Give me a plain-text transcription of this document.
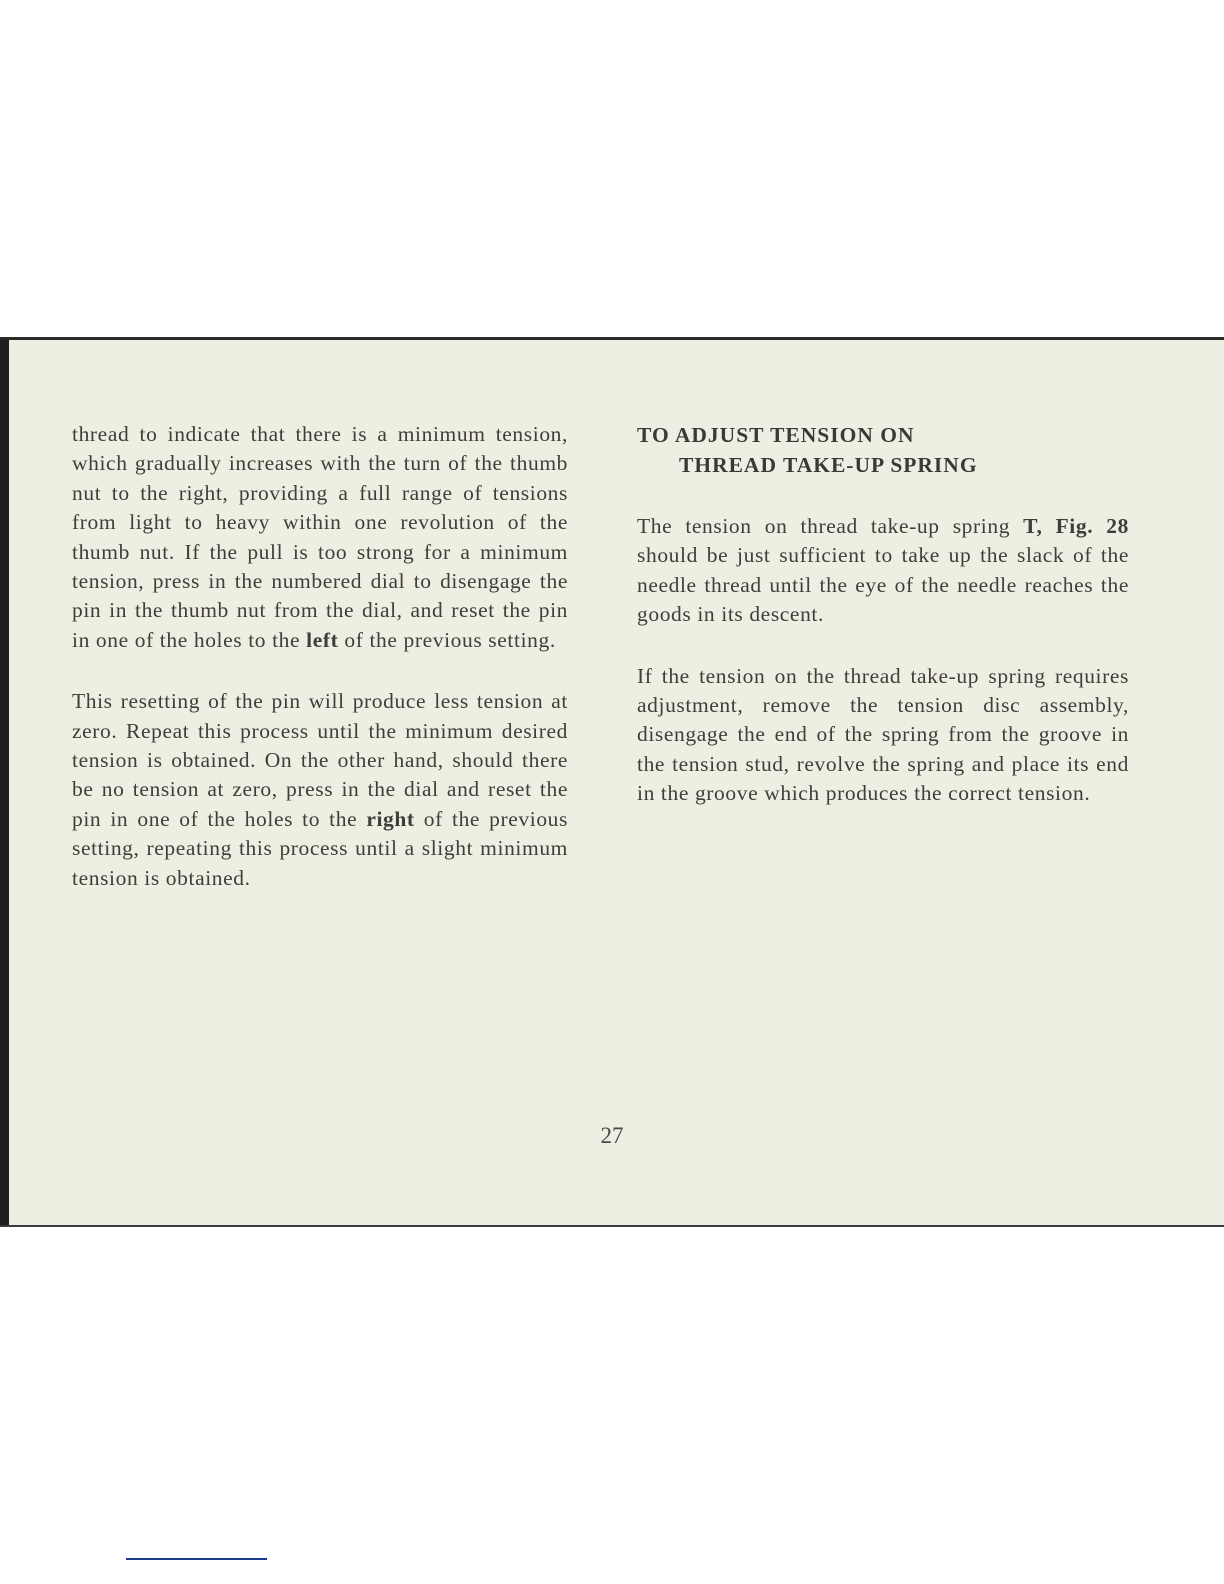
thread to indicate that there is a minimum tension, which gradually increases with the turn of the thumb nut to the right, providing a full range of tensions from light to heavy within one revolution of the thumb nut. If the pull is too strong for a minimum tension, press in the numbered dial to disengage the pin in the thumb nut from the dial, and reset the pin in one of the holes to the left of the previous setting.

This resetting of the pin will produce less tension at zero. Repeat this process until the minimum desired tension is obtained. On the other hand, should there be no tension at zero, press in the dial and reset the pin in one of the holes to the right of the previous setting, repeating this process until a slight minimum tension is obtained.

TO ADJUST TENSION ON
THREAD TAKE-UP SPRING

The tension on thread take-up spring T, Fig. 28 should be just sufficient to take up the slack of the needle thread until the eye of the needle reaches the goods in its descent.

If the tension on the thread take-up spring requires adjustment, remove the tension disc assembly, disengage the end of the spring from the groove in the tension stud, revolve the spring and place its end in the groove which produces the correct tension.

27
